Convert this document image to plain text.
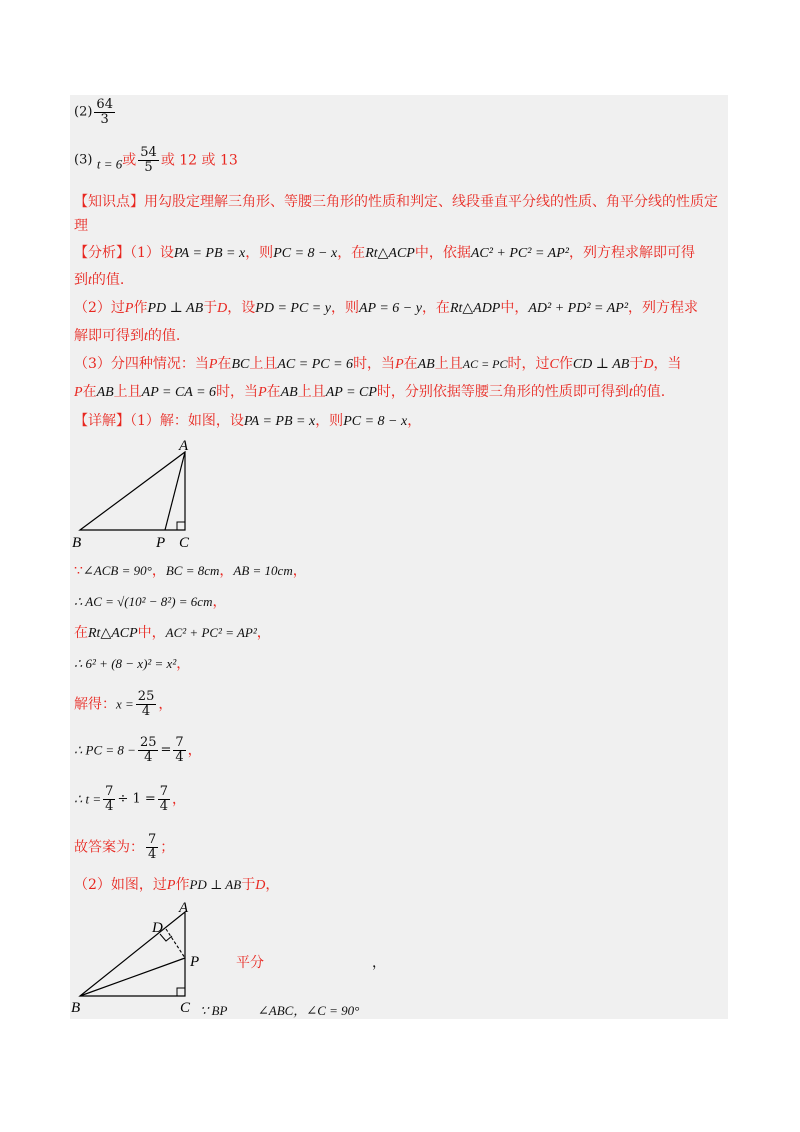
$(2) \frac{64}{3}$
(3) t = 6或 $\frac{54}{5}$ 或 12 或 13
【知识点】用勾股定理解三角形、等腰三角形的性质和判定、线段垂直平分线的性质、角平分线的性质定
理
【分析】（1）设PA = PB = x，则PC = 8 − x，在Rt△ACP中，依据AC² + PC² = AP²，列方程求解即可得
到t的值.
（2）过P作PD ⊥ AB于D，设PD = PC = y，则AP = 6 − y，在Rt△ADP中，AD² + PD² = AP²，列方程求
解即可得到t的值.
（3）分四种情况：当P在BC上且AC = PC = 6时，当P在AB上且AC = PC时，过C作CD ⊥ AB于D，当
P在AB上且AP = CA = 6时，当P在AB上且AP = CP时，分别依据等腰三角形的性质即可得到t的值.
【详解】（1）解：如图，设PA = PB = x，则PC = 8 − x，
A
B	P C
∵∠ACB = 90°，BC = 8cm，AB = 10cm，
∴ AC = √(10² − 8²) = 6cm，
在Rt△ACP中，AC² + PC² = AP²，
∴ 6² + (8 − x)² = x²，
解得：$x = \frac{25}{4}$ ，
∴ PC = $8 - \frac{25}{4} = \frac{7}{4}$ ，
∴ $t = \frac{7}{4} \div 1 = \frac{7}{4}$ ，
故答案为： $\frac{7}{4}$ ；
（2）如图，过P作PD ⊥ AB于D，
A
D
P
B	C
平分	，
∵ BP ∠ABC，∠C = 90°
